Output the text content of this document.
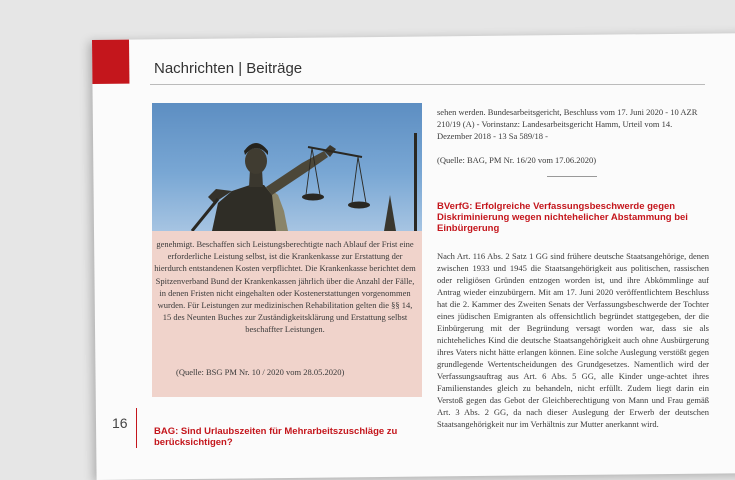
Nachrichten | Beiträge

genehmigt. Beschaffen sich Leistungsberechtigte nach Ablauf der Frist eine erforderliche Leistung selbst, ist die Krankenkasse zur Erstattung der hierdurch entstandenen Kosten verpflichtet. Die Krankenkasse berichtet dem Spitzenverband Bund der Krankenkassen jährlich über die Anzahl der Fälle, in denen Fristen nicht eingehalten oder Kostenerstattungen vorgenommen wurden. Für Leistungen zur medizinischen Rehabilitation gelten die §§ 14, 15 des Neunten Buches zur Zuständigkeitsklärung und Erstattung selbst beschaffter Leistungen.

(Quelle: BSG PM Nr. 10 / 2020 vom 28.05.2020)
16
BAG: Sind Urlaubszeiten für Mehrarbeitszuschläge zu berücksichtigen?
sehen werden. Bundesarbeitsgericht, Beschluss vom 17. Juni 2020 - 10 AZR 210/19 (A) - Vorinstanz: Landesarbeitsgericht Hamm, Urteil vom 14. Dezember 2018 - 13 Sa 589/18 -
(Quelle: BAG, PM Nr. 16/20 vom 17.06.2020)
BVerfG: Erfolgreiche Verfassungsbeschwerde gegen Diskriminierung wegen nichtehelicher Abstammung bei Einbürgerung

Nach Art. 116 Abs. 2 Satz 1 GG sind frühere deutsche Staatsangehörige, denen zwischen 1933 und 1945 die Staatsangehörigkeit aus politischen, rassischen oder religiösen Gründen entzogen worden ist, und ihre Abkömmlinge auf Antrag wieder einzubürgern. Mit am 17. Juni 2020 veröffentlichtem Beschluss hat die 2. Kammer des Zweiten Senats der Verfassungsbeschwerde der Tochter eines jüdischen Emigranten als offensichtlich begründet stattgegeben, der die Einbürgerung mit der Begründung versagt worden war, dass sie als nichteheliches Kind die deutsche Staatsangehörigkeit auch ohne Ausbürgerung ihres Vaters nicht hätte erlangen können. Eine solche Auslegung verstößt gegen grundlegende Wertentscheidungen des Grundgesetzes. Namentlich wird der Verfassungsauftrag aus Art. 6 Abs. 5 GG, alle Kinder unge-achtet ihres Familienstandes gleich zu behandeln, nicht erfüllt. Zudem liegt darin ein Verstoß gegen das Gebot der Gleichberechtigung von Mann und Frau gemäß Art. 3 Abs. 2 GG, da nach dieser Auslegung der Erwerb der deutschen Staatsangehörigkeit nur im Verhältnis zur Mutter anerkannt wird.
